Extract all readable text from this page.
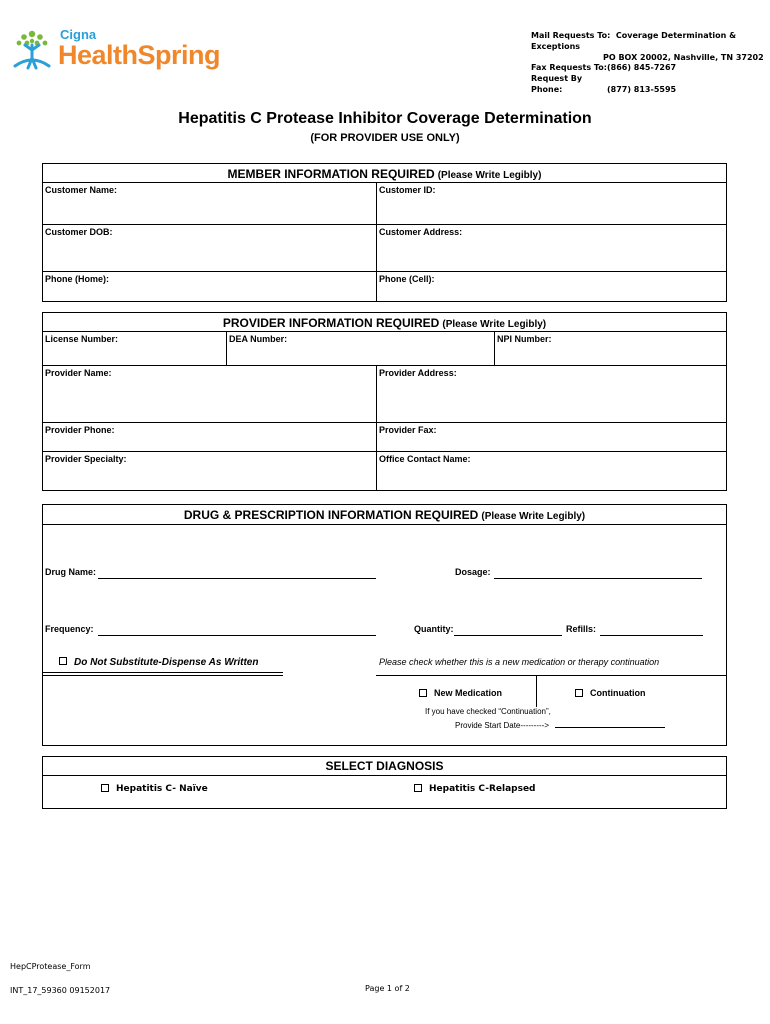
Cigna
HealthSpring
Mail Requests To: Coverage Determination & Exceptions
PO BOX 20002, Nashville, TN 37202
Fax Requests To:(866) 845-7267
Request By Phone:	(877) 813-5595
Hepatitis C Protease Inhibitor Coverage Determination
(FOR PROVIDER USE ONLY)
MEMBER INFORMATION REQUIRED (Please Write Legibly)
Customer Name:	Customer ID:
Customer DOB:	Customer Address:
Phone (Home):	Phone (Cell):
PROVIDER INFORMATION REQUIRED (Please Write Legibly)
License Number:	DEA Number:	NPI Number:
Provider Name:	Provider Address:
Provider Phone:	Provider Fax:
Provider Specialty:	Office Contact Name:
DRUG & PRESCRIPTION INFORMATION REQUIRED (Please Write Legibly)
Drug Name:	Dosage:
Frequency:	Quantity:	Refills:
Do Not Substitute-Dispense As Written	Please check whether this is a new medication or therapy continuation
New Medication	Continuation
If you have checked “Continuation”,
Provide Start Date--------->
SELECT DIAGNOSIS
Hepatitis C- Naïve	Hepatitis C-Relapsed
HepCProtease_Form
INT_17_59360 09152017	Page 1 of 2
